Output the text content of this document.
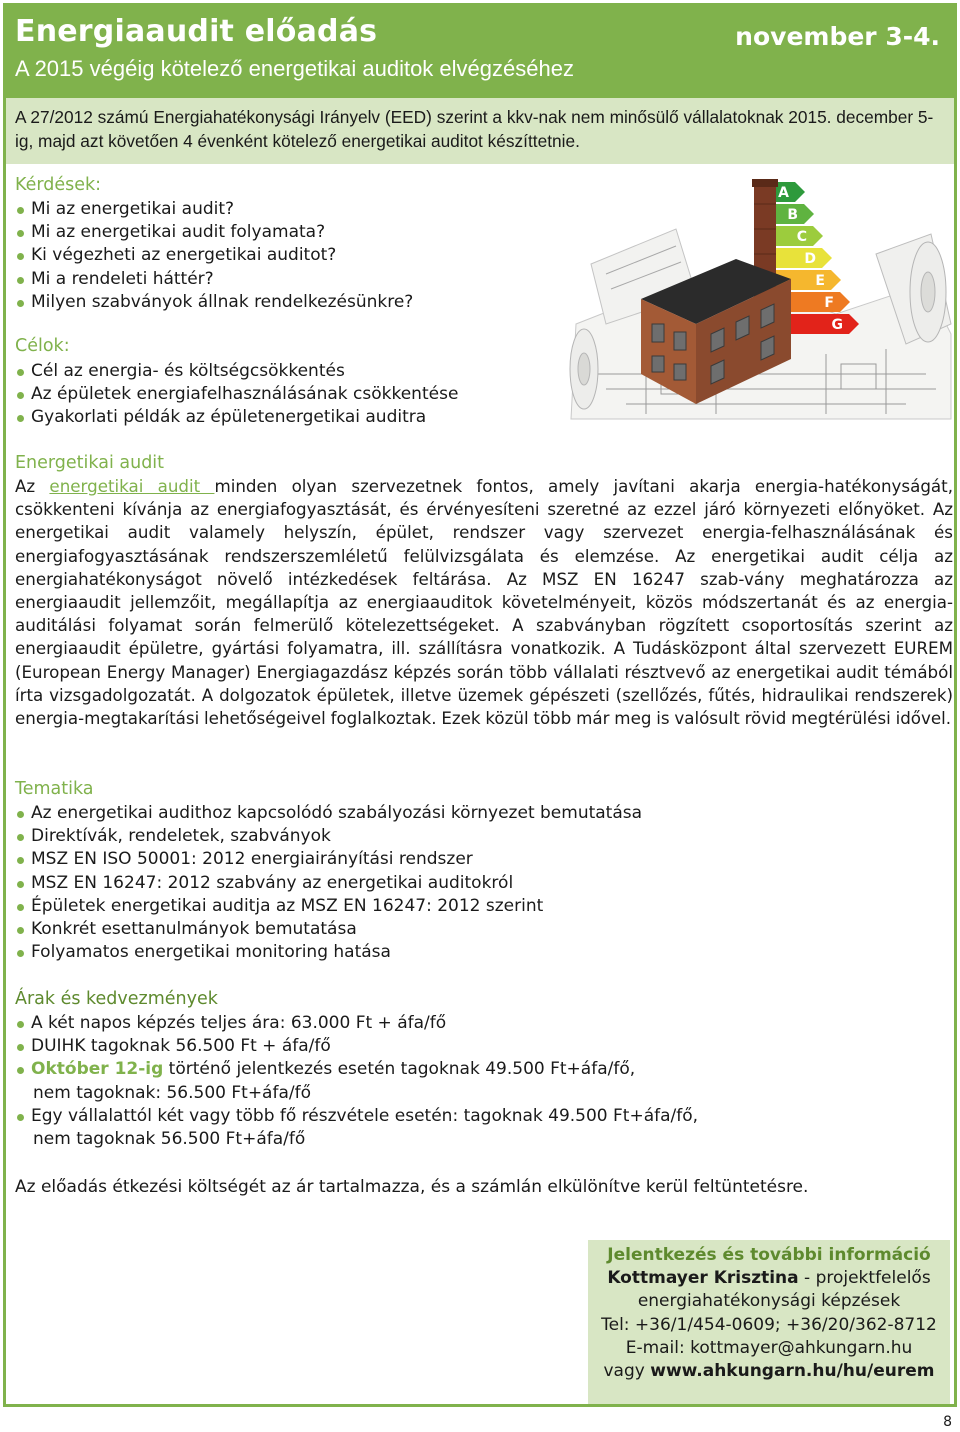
Energiaaudit előadás	november 3-4.
A 2015 végéig kötelező energetikai auditok elvégzéséhez
A 27/2012 számú Energiahatékonysági Irányelv (EED) szerint a kkv-nak nem minősülő vállalatoknak 2015. december 5-ig, majd azt követően 4 évenként kötelező energetikai auditot készíttetnie.
Kérdések:
Mi az energetikai audit?
Mi az energetikai audit folyamata?
Ki végezheti az energetikai auditot?
Mi a rendeleti háttér?
Milyen szabványok állnak rendelkezésünkre?
Célok:
Cél az energia- és költségcsökkentés
Az épületek energiafelhasználásának csökkentése
Gyakorlati példák az épületenergetikai auditra
A
B
C
D
E
F
G
Energetikai audit
Az energetikai audit minden olyan szervezetnek fontos, amely javítani akarja energia-hatékonyságát, csökkenteni kívánja az energiafogyasztását, és érvényesíteni szeretné az ezzel járó környezeti előnyöket. Az energetikai audit valamely helyszín, épület, rendszer vagy szervezet energia-felhasználásának és energiafogyasztásának rendszerszemléletű felülvizsgálata és elemzése. Az energetikai audit célja az energiahatékonyságot növelő intézkedések feltárása. Az MSZ EN 16247 szab-vány meghatározza az energiaaudit jellemzőit, megállapítja az energiaauditok követelményeit, közös módszertanát és az energia-auditálási folyamat során felmerülő kötelezettségeket. A szabványban rögzített csoportosítás szerint az energiaaudit épületre, gyártási folyamatra, ill. szállításra vonatkozik. A Tudásközpont által szervezett EUREM (European Energy Manager) Energiagazdász képzés során több vállalati résztvevő az energetikai audit témából írta vizsgadolgozatát. A dolgozatok épületek, illetve üzemek gépészeti (szellőzés, fűtés, hidraulikai rendszerek) energia-megtakarítási lehetőségeivel foglalkoztak. Ezek közül több már meg is valósult rövid megtérülési idővel.
Tematika
Az energetikai audithoz kapcsolódó szabályozási környezet bemutatása
Direktívák, rendeletek, szabványok
MSZ EN ISO 50001: 2012 energiairányítási rendszer
MSZ EN 16247: 2012 szabvány az energetikai auditokról
Épületek energetikai auditja az MSZ EN 16247: 2012 szerint
Konkrét esettanulmányok bemutatása
Folyamatos energetikai monitoring hatása
Árak és kedvezmények
A két napos képzés teljes ára: 63.000 Ft + áfa/fő
DUIHK tagoknak 56.500 Ft + áfa/fő
Október 12-ig történő jelentkezés esetén tagoknak 49.500 Ft+áfa/fő,
nem tagoknak: 56.500 Ft+áfa/fő
Egy vállalattól két vagy több fő részvétele esetén: tagoknak 49.500 Ft+áfa/fő,
nem tagoknak 56.500 Ft+áfa/fő
Az előadás étkezési költségét az ár tartalmazza, és a számlán elkülönítve kerül feltüntetésre.
Jelentkezés és további információ
Kottmayer Krisztina - projektfelelős
energiahatékonysági képzések
Tel: +36/1/454-0609; +36/20/362-8712
E-mail: kottmayer@ahkungarn.hu
vagy www.ahkungarn.hu/hu/eurem
8
